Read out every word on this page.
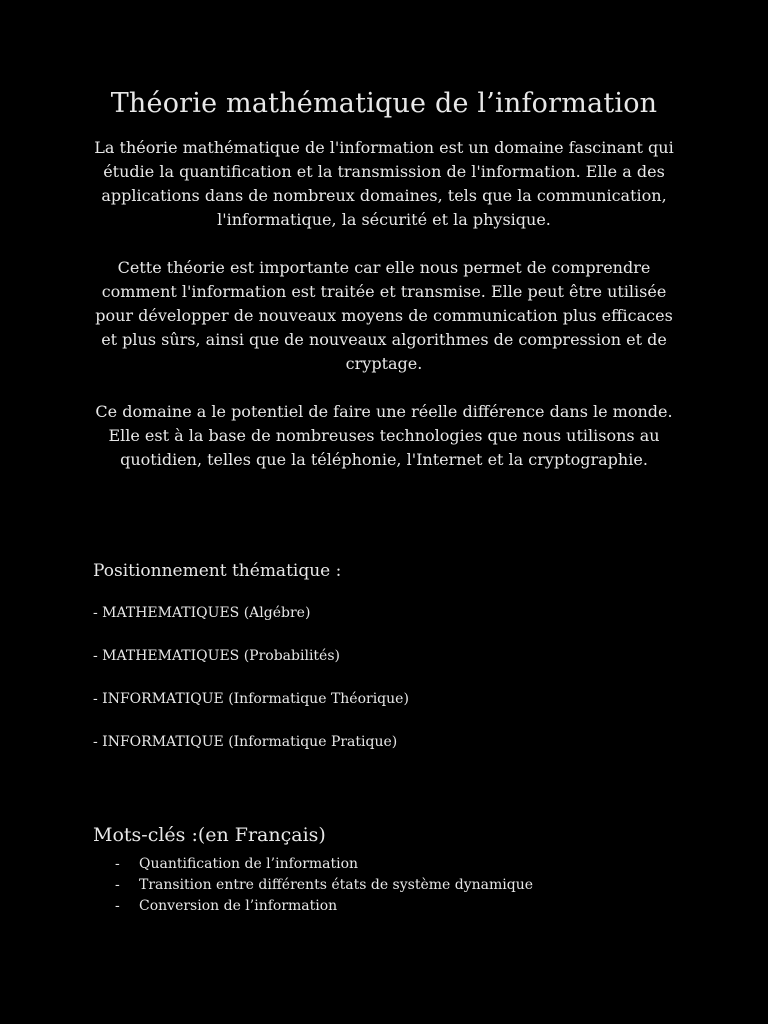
Théorie mathématique de l’information

La théorie mathématique de l'information est un domaine fascinant qui étudie la quantification et la transmission de l'information. Elle a des applications dans de nombreux domaines, tels que la communication, l'informatique, la sécurité et la physique.

Cette théorie est importante car elle nous permet de comprendre comment l'information est traitée et transmise. Elle peut être utilisée pour développer de nouveaux moyens de communication plus efficaces et plus sûrs, ainsi que de nouveaux algorithmes de compression et de cryptage.

Ce domaine a le potentiel de faire une réelle différence dans le monde. Elle est à la base de nombreuses technologies que nous utilisons au quotidien, telles que la téléphonie, l'Internet et la cryptographie.

Positionnement thématique :
- MATHEMATIQUES (Algébre)
- MATHEMATIQUES (Probabilités)
- INFORMATIQUE (Informatique Théorique)
- INFORMATIQUE (Informatique Pratique)
Mots-clés :(en Français)
-	Quantification de l’information
-	Transition entre différents états de système dynamique
-	Conversion de l’information
